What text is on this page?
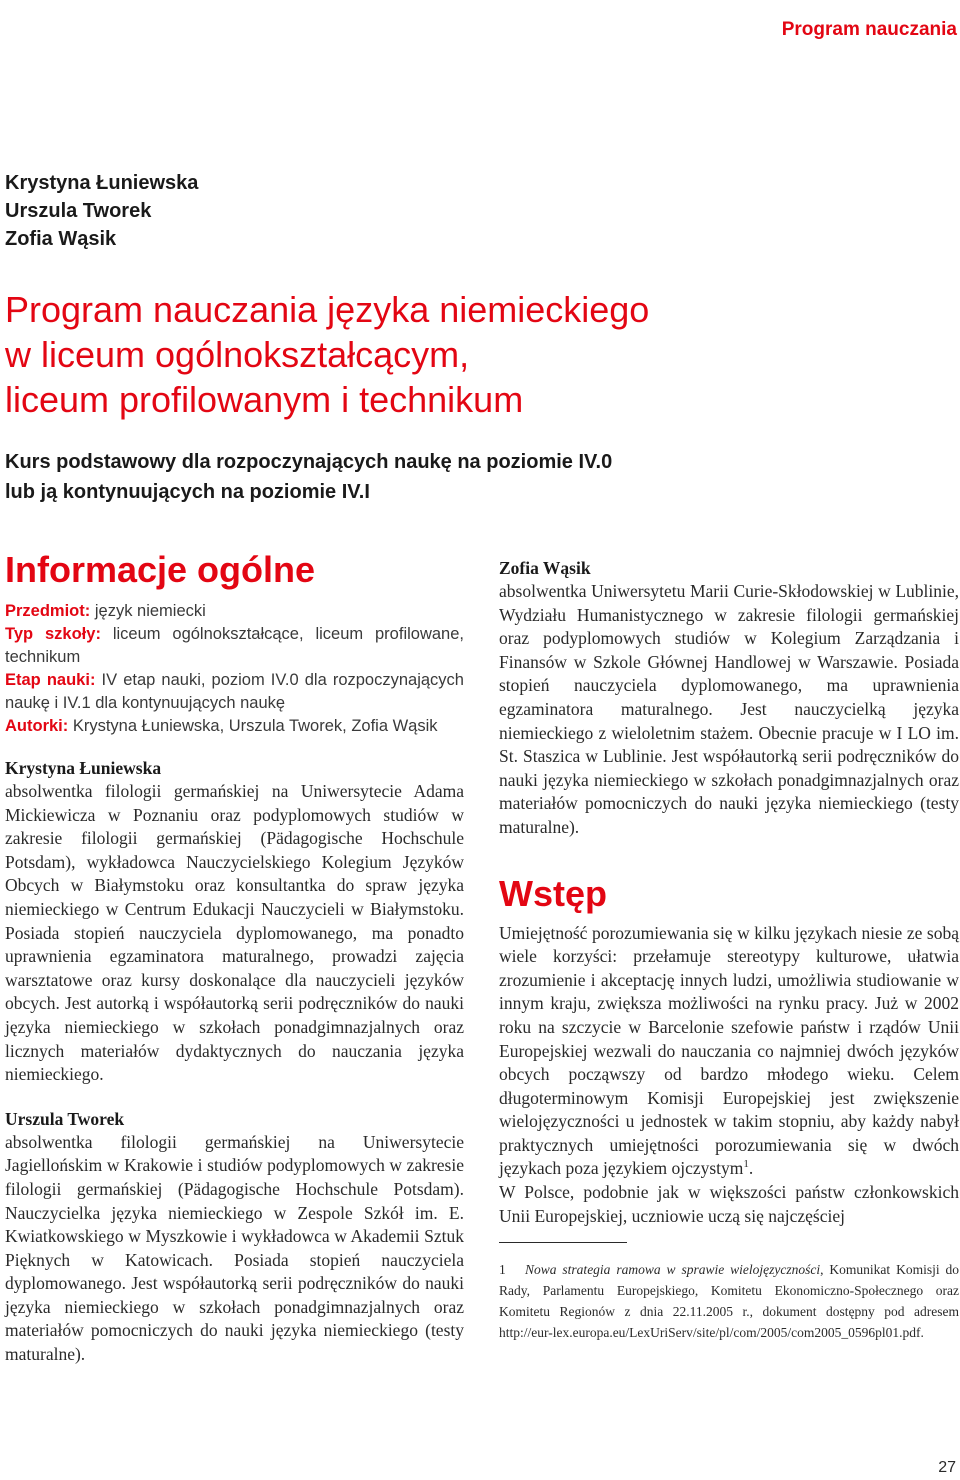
Program nauczania
Krystyna Łuniewska
Urszula Tworek
Zofia Wąsik
Program nauczania języka niemieckiego
w liceum ogólnokształcącym,
liceum profilowanym i technikum
Kurs podstawowy dla rozpoczynających naukę na poziomie IV.0
lub ją kontynuujących na poziomie IV.I
Informacje ogólne
Przedmiot: język niemiecki
Typ szkoły: liceum ogólnokształcące, liceum profilowane, technikum
Etap nauki: IV etap nauki, poziom IV.0 dla rozpoczynających naukę i IV.1 dla kontynuujących naukę
Autorki: Krystyna Łuniewska, Urszula Tworek, Zofia Wąsik
Krystyna Łuniewska

absolwentka filologii germańskiej na Uniwersytecie Adama Mickiewicza w Poznaniu oraz podyplomowych studiów w zakresie filologii germańskiej (Pädagogische Hochschule Potsdam), wykładowca Nauczycielskiego Kolegium Języków Obcych w Białymstoku oraz konsultantka do spraw języka niemieckiego w Centrum Edukacji Nauczycieli w Białymstoku. Posiada stopień nauczyciela dyplomowanego, ma ponadto uprawnienia egzaminatora maturalnego, prowadzi zajęcia warsztatowe oraz kursy doskonalące dla nauczycieli języków obcych. Jest autorką i współautorką serii podręczników do nauki języka niemieckiego w szkołach ponadgimnazjalnych oraz licznych materiałów dydaktycznych do nauczania języka niemieckiego.

Urszula Tworek

absolwentka filologii germańskiej na Uniwersytecie Jagiellońskim w Krakowie i studiów podyplomowych w zakresie filologii germańskiej (Pädagogische Hochschule Potsdam). Nauczycielka języka niemieckiego w Zespole Szkół im. E. Kwiatkowskiego w Myszkowie i wykładowca w Akademii Sztuk Pięknych w Katowicach. Posiada stopień nauczyciela dyplomowanego. Jest współautorką serii podręczników do nauki języka niemieckiego w szkołach ponadgimnazjalnych oraz materiałów pomocniczych do nauki języka niemieckiego (testy maturalne).

Zofia Wąsik

absolwentka Uniwersytetu Marii Curie-Skłodowskiej w Lublinie, Wydziału Humanistycznego w zakresie filologii germańskiej oraz podyplomowych studiów w Kolegium Zarządzania i Finansów w Szkole Głównej Handlowej w Warszawie. Posiada stopień nauczyciela dyplomowanego, ma uprawnienia egzaminatora maturalnego. Jest nauczycielką języka niemieckiego z wieloletnim stażem. Obecnie pracuje w I LO im. St. Staszica w Lublinie. Jest współautorką serii podręczników do nauki języka niemieckiego w szkołach ponadgimnazjalnych oraz materiałów pomocniczych do nauki języka niemieckiego (testy maturalne).

Wstęp

Umiejętność porozumiewania się w kilku językach niesie ze sobą wiele korzyści: przełamuje stereotypy kulturowe, ułatwia zrozumienie i akceptację innych ludzi, umożliwia studiowanie w innym kraju, zwiększa możliwości na rynku pracy. Już w 2002 roku na szczycie w Barcelonie szefowie państw i rządów Unii Europejskiej wezwali do nauczania co najmniej dwóch języków obcych począwszy od bardzo młodego wieku. Celem długoterminowym Komisji Europejskiej jest zwiększenie wielojęzyczności u jednostek w takim stopniu, aby każdy nabył praktycznych umiejętności porozumiewania się w dwóch językach poza językiem ojczystym$^1$.

W Polsce, podobnie jak w większości państw członkowskich Unii Europejskiej, uczniowie uczą się najczęściej

1 Nowa strategia ramowa w sprawie wielojęzyczności, Komunikat Komisji do Rady, Parlamentu Europejskiego, Komitetu Ekonomiczno-Społecznego oraz Komitetu Regionów z dnia 22.11.2005 r., dokument dostępny pod adresem http://eur-lex.europa.eu/LexUriServ/site/pl/com/2005/com2005_0596pl01.pdf.
27
